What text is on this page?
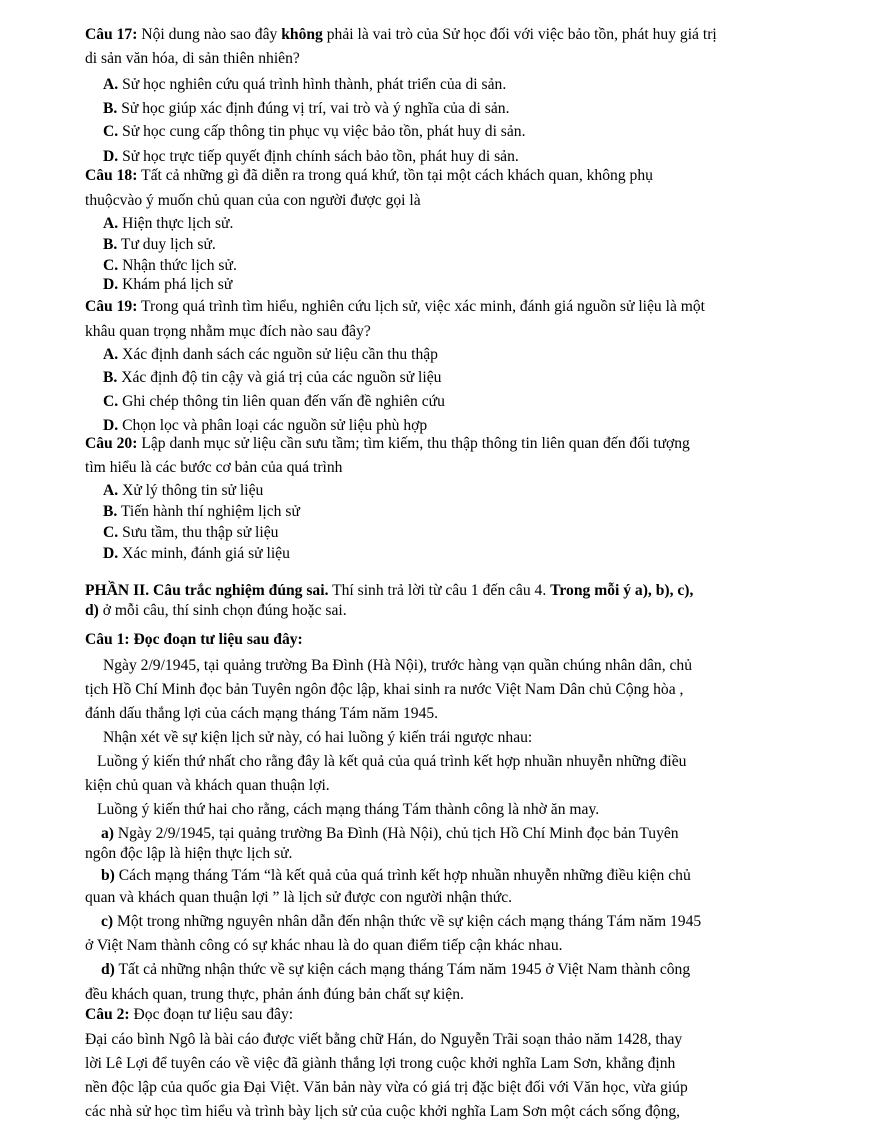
Câu 17: Nội dung nào sao đây không phải là vai trò của Sử học đối với việc bảo tồn, phát huy giá trị
di sản văn hóa, di sản thiên nhiên?
A. Sử học nghiên cứu quá trình hình thành, phát triển của di sản.
B. Sử học giúp xác định đúng vị trí, vai trò và ý nghĩa của di sản.
C. Sử học cung cấp thông tin phục vụ việc bảo tồn, phát huy di sản.
D. Sử học trực tiếp quyết định chính sách bảo tồn, phát huy di sản.
Câu 18: Tất cả những gì đã diễn ra trong quá khứ, tồn tại một cách khách quan, không phụ
thuộcvào ý muốn chủ quan của con người được gọi là
A. Hiện thực lịch sử.
B. Tư duy lịch sử.
C. Nhận thức lịch sử.
D. Khám phá lịch sử
Câu 19: Trong quá trình tìm hiểu, nghiên cứu lịch sử, việc xác minh, đánh giá nguồn sử liệu là một
khâu quan trọng nhằm mục đích nào sau đây?
A. Xác định danh sách các nguồn sử liệu cần thu thập
B. Xác định độ tin cậy và giá trị của các nguồn sử liệu
C. Ghi chép thông tin liên quan đến vấn đề nghiên cứu
D. Chọn lọc và phân loại các nguồn sử liệu phù hợp
Câu 20: Lập danh mục sử liệu cần sưu tầm; tìm kiếm, thu thập thông tin liên quan đến đối tượng
tìm hiểu là các bước cơ bản của quá trình
A. Xử lý thông tin sử liệu
B. Tiến hành thí nghiệm lịch sử
C. Sưu tầm, thu thập sử liệu
D. Xác minh, đánh giá sử liệu
PHẦN II. Câu trắc nghiệm đúng sai. Thí sinh trả lời từ câu 1 đến câu 4. Trong mỗi ý a), b), c),
d) ở mỗi câu, thí sinh chọn đúng hoặc sai.
Câu 1: Đọc đoạn tư liệu sau đây:
Ngày 2/9/1945, tại quảng trường Ba Đình (Hà Nội), trước hàng vạn quần chúng nhân dân, chủ
tịch Hồ Chí Minh đọc bản Tuyên ngôn độc lập, khai sinh ra nước Việt Nam Dân chủ Cộng hòa ,
đánh dấu thắng lợi của cách mạng tháng Tám năm 1945.
Nhận xét về sự kiện lịch sử này, có hai luồng ý kiến trái ngược nhau:
Luồng ý kiến thứ nhất cho rằng đây là kết quả của quá trình kết hợp nhuần nhuyễn những điều
kiện chủ quan và khách quan thuận lợi.
Luồng ý kiến thứ hai cho rằng, cách mạng tháng Tám thành công là nhờ ăn may.
a) Ngày 2/9/1945, tại quảng trường Ba Đình (Hà Nội), chủ tịch Hồ Chí Minh đọc bản Tuyên
ngôn độc lập là hiện thực lịch sử.
b) Cách mạng tháng Tám “là kết quả của quá trình kết hợp nhuần nhuyễn những điều kiện chủ
quan và khách quan thuận lợi ” là lịch sử được con người nhận thức.
c) Một trong những nguyên nhân dẫn đến nhận thức về sự kiện cách mạng tháng Tám năm 1945
ở Việt Nam thành công có sự khác nhau là do quan điểm tiếp cận khác nhau.
d) Tất cả những nhận thức về sự kiện cách mạng tháng Tám năm 1945 ở Việt Nam thành công
đều khách quan, trung thực, phản ánh đúng bản chất sự kiện.
Câu 2: Đọc đoạn tư liệu sau đây:
Đại cáo bình Ngô là bài cáo được viết bằng chữ Hán, do Nguyễn Trãi soạn thảo năm 1428, thay
lời Lê Lợi để tuyên cáo về việc đã giành thắng lợi trong cuộc khởi nghĩa Lam Sơn, khẳng định
nền độc lập của quốc gia Đại Việt. Văn bản này vừa có giá trị đặc biệt đối với Văn học, vừa giúp
các nhà sử học tìm hiểu và trình bày lịch sử của cuộc khởi nghĩa Lam Sơn một cách sống động,
